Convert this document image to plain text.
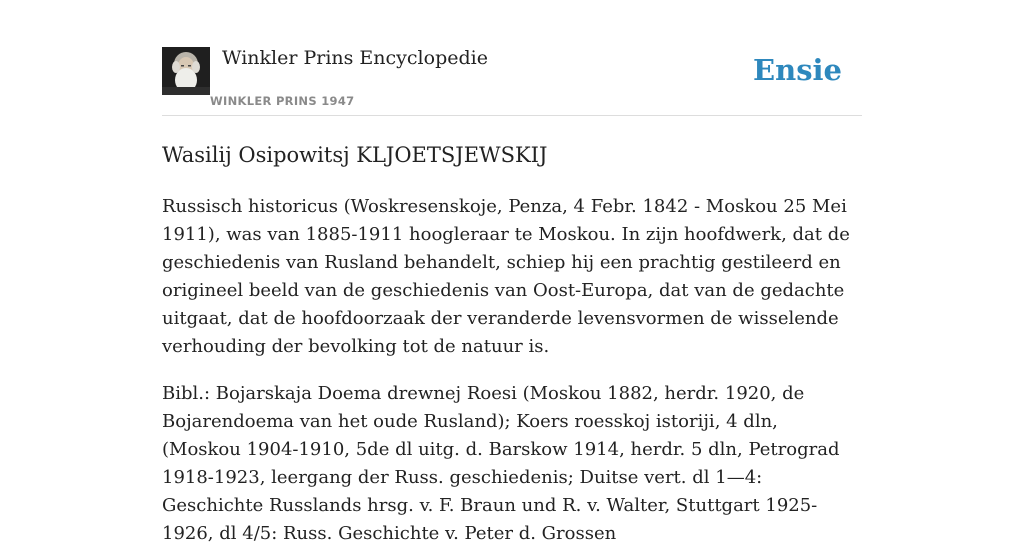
Winkler Prins Encyclopedie
WINKLER PRINS 1947
Ensie
Wasilij Osipowitsj KLJOETSJEWSKIJ

Russisch historicus (Woskresenskoje, Penza, 4 Febr. 1842 - Moskou 25 Mei 1911), was van 1885-1911 hoogleraar te Moskou. In zijn hoofdwerk, dat de geschiedenis van Rusland behandelt, schiep hij een prachtig gestileerd en origineel beeld van de geschiedenis van Oost-Europa, dat van de gedachte uitgaat, dat de hoofdoorzaak der veranderde levensvormen de wisselende verhouding der bevolking tot de natuur is.

Bibl.: Bojarskaja Doema drewnej Roesi (Moskou 1882, herdr. 1920, de Bojarendoema van het oude Rusland); Koers roesskoj istoriji, 4 dln, (Moskou 1904-1910, 5de dl uitg. d. Barskow 1914, herdr. 5 dln, Petrograd 1918-1923, leergang der Russ. geschiedenis; Duitse vert. dl 1—4: Geschichte Russlands hrsg. v. F. Braun und R. v. Walter, Stuttgart 1925-1926, dl 4/5: Russ. Geschichte v. Peter d. Grossen
